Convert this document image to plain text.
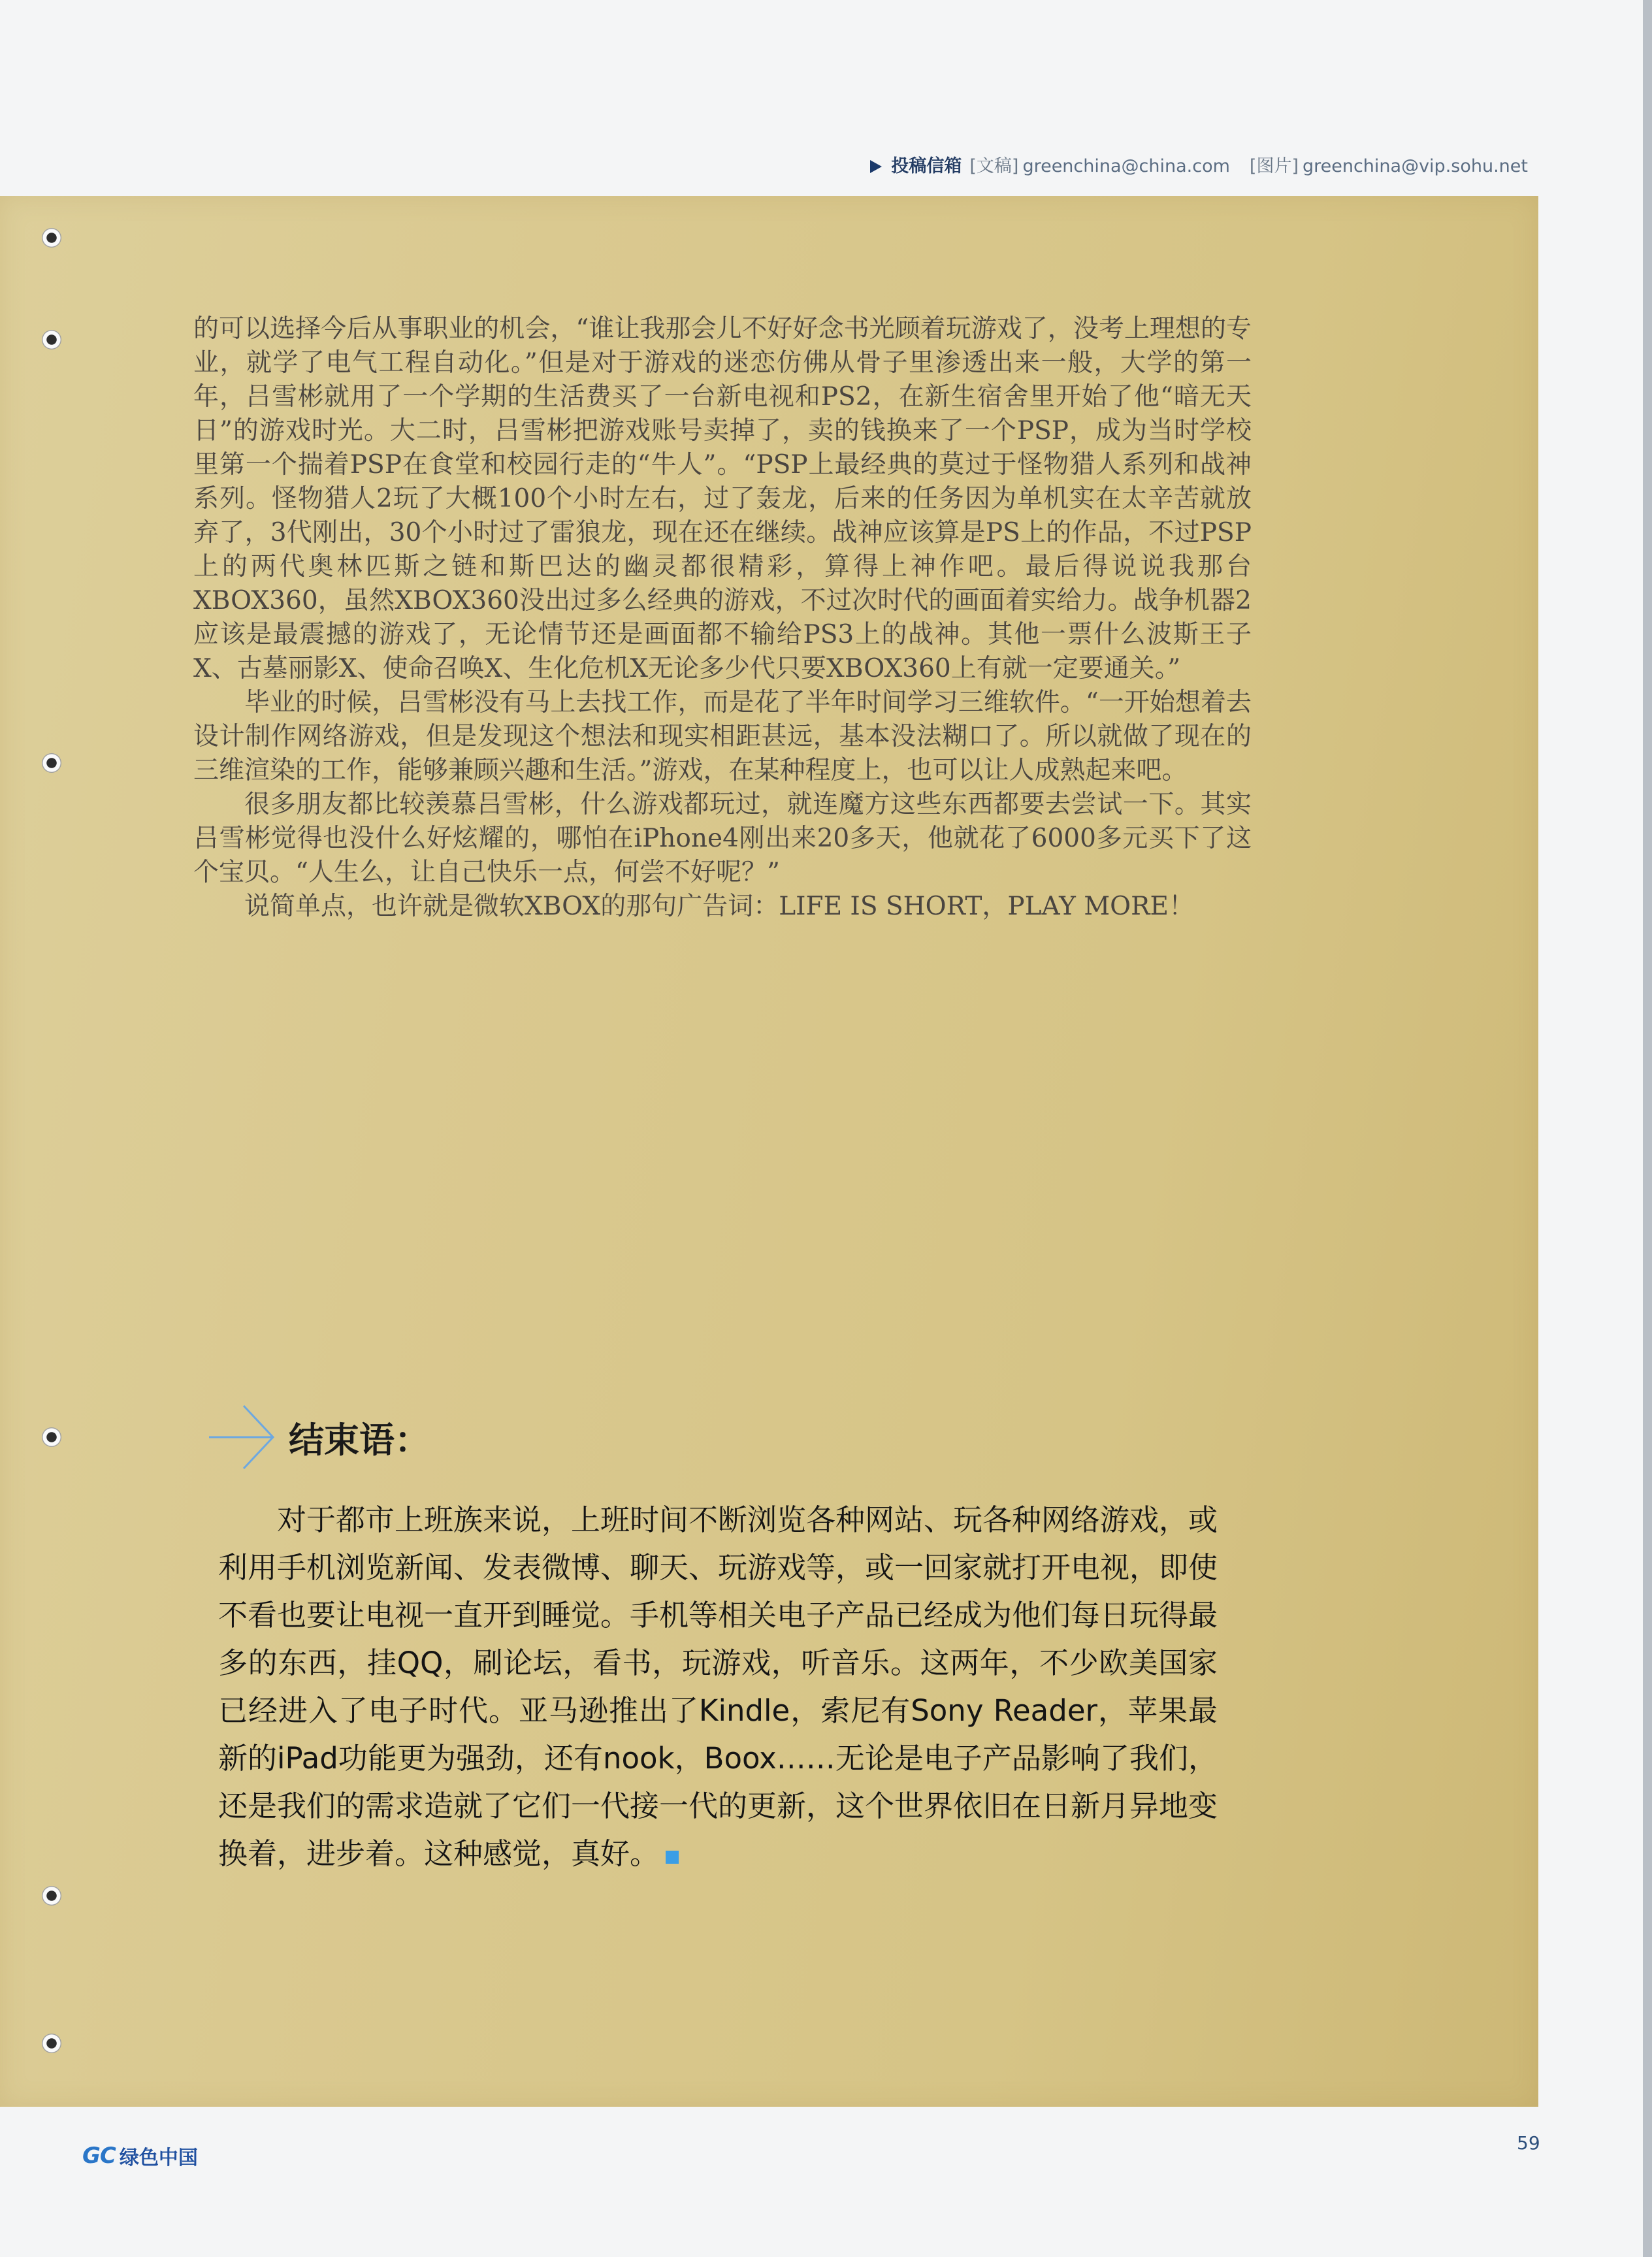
投稿信箱 [文稿] greenchina@china.com [图片] greenchina@vip.sohu.net

的可以选择今后从事职业的机会，“谁让我那会儿不好好念书光顾着玩游戏了，没考上理想的专业，就学了电气工程自动化。”但是对于游戏的迷恋仿佛从骨子里渗透出来一般，大学的第一年，吕雪彬就用了一个学期的生活费买了一台新电视和PS2，在新生宿舍里开始了他“暗无天日”的游戏时光。大二时，吕雪彬把游戏账号卖掉了，卖的钱换来了一个PSP，成为当时学校里第一个揣着PSP在食堂和校园行走的“牛人”。“PSP上最经典的莫过于怪物猎人系列和战神系列。怪物猎人2玩了大概100个小时左右，过了轰龙，后来的任务因为单机实在太辛苦就放弃了，3代刚出，30个小时过了雷狼龙，现在还在继续。战神应该算是PS上的作品，不过PSP上的两代奥林匹斯之链和斯巴达的幽灵都很精彩，算得上神作吧。最后得说说我那台XBOX360，虽然XBOX360没出过多么经典的游戏，不过次时代的画面着实给力。战争机器2应该是最震撼的游戏了，无论情节还是画面都不输给PS3上的战神。其他一票什么波斯王子X、古墓丽影X、使命召唤X、生化危机X无论多少代只要XBOX360上有就一定要通关。”

毕业的时候，吕雪彬没有马上去找工作，而是花了半年时间学习三维软件。“一开始想着去设计制作网络游戏，但是发现这个想法和现实相距甚远，基本没法糊口了。所以就做了现在的三维渲染的工作，能够兼顾兴趣和生活。”游戏，在某种程度上，也可以让人成熟起来吧。

很多朋友都比较羡慕吕雪彬，什么游戏都玩过，就连魔方这些东西都要去尝试一下。其实吕雪彬觉得也没什么好炫耀的，哪怕在iPhone4刚出来20多天，他就花了6000多元买下了这个宝贝。“人生么，让自己快乐一点，何尝不好呢？”

说简单点，也许就是微软XBOX的那句广告词：LIFE IS SHORT，PLAY MORE！

结束语：

对于都市上班族来说，上班时间不断浏览各种网站、玩各种网络游戏，或利用手机浏览新闻、发表微博、聊天、玩游戏等，或一回家就打开电视，即使不看也要让电视一直开到睡觉。手机等相关电子产品已经成为他们每日玩得最多的东西，挂QQ，刷论坛，看书，玩游戏，听音乐。这两年，不少欧美国家已经进入了电子时代。亚马逊推出了Kindle，索尼有Sony Reader，苹果最新的iPad功能更为强劲，还有nook，Boox……无论是电子产品影响了我们，还是我们的需求造就了它们一代接一代的更新，这个世界依旧在日新月异地变换着，进步着。这种感觉，真好。

GC 绿色中国
59
